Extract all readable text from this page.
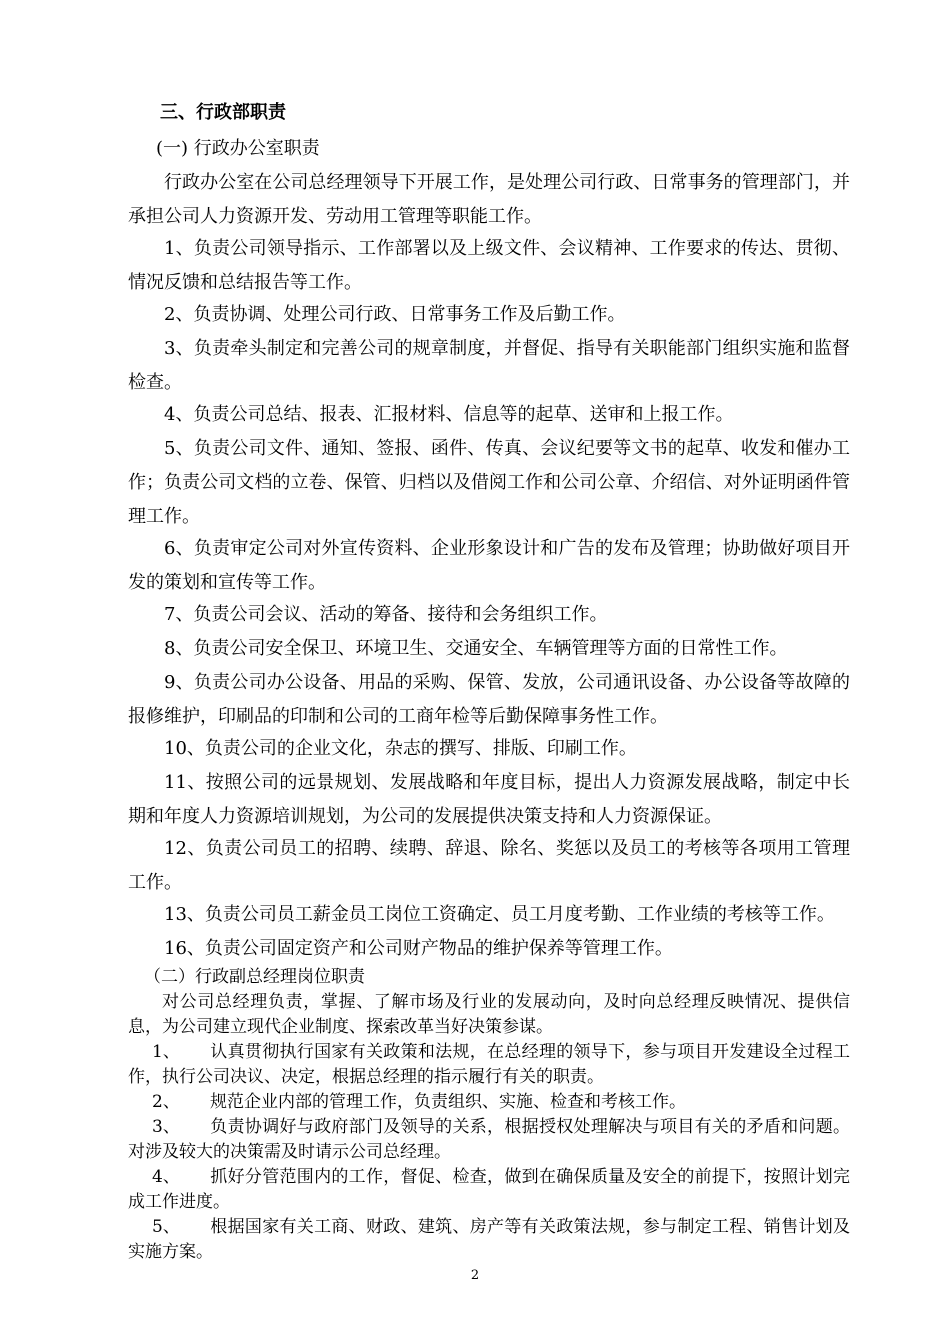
三、行政部职责

(一) 行政办公室职责

行政办公室在公司总经理领导下开展工作，是处理公司行政、日常事务的管理部门，并承担公司人力资源开发、劳动用工管理等职能工作。

1、负责公司领导指示、工作部署以及上级文件、会议精神、工作要求的传达、贯彻、情况反馈和总结报告等工作。

2、负责协调、处理公司行政、日常事务工作及后勤工作。

3、负责牵头制定和完善公司的规章制度，并督促、指导有关职能部门组织实施和监督检查。

4、负责公司总结、报表、汇报材料、信息等的起草、送审和上报工作。

5、负责公司文件、通知、签报、函件、传真、会议纪要等文书的起草、收发和催办工作；负责公司文档的立卷、保管、归档以及借阅工作和公司公章、介绍信、对外证明函件管理工作。

6、负责审定公司对外宣传资料、企业形象设计和广告的发布及管理；协助做好项目开发的策划和宣传等工作。

7、负责公司会议、活动的筹备、接待和会务组织工作。

8、负责公司安全保卫、环境卫生、交通安全、车辆管理等方面的日常性工作。

9、负责公司办公设备、用品的采购、保管、发放，公司通讯设备、办公设备等故障的报修维护，印刷品的印制和公司的工商年检等后勤保障事务性工作。

10、负责公司的企业文化，杂志的撰写、排版、印刷工作。

11、按照公司的远景规划、发展战略和年度目标，提出人力资源发展战略，制定中长期和年度人力资源培训规划，为公司的发展提供决策支持和人力资源保证。

12、负责公司员工的招聘、续聘、辞退、除名、奖惩以及员工的考核等各项用工管理工作。

13、负责公司员工薪金员工岗位工资确定、员工月度考勤、工作业绩的考核等工作。

16、负责公司固定资产和公司财产物品的维护保养等管理工作。

（二）行政副总经理岗位职责

对公司总经理负责，掌握、了解市场及行业的发展动向，及时向总经理反映情况、提供信息，为公司建立现代企业制度、探索改革当好决策参谋。

1、 认真贯彻执行国家有关政策和法规，在总经理的领导下，参与项目开发建设全过程工作，执行公司决议、决定，根据总经理的指示履行有关的职责。

2、 规范企业内部的管理工作，负责组织、实施、检查和考核工作。

3、 负责协调好与政府部门及领导的关系，根据授权处理解决与项目有关的矛盾和问题。对涉及较大的决策需及时请示公司总经理。

4、 抓好分管范围内的工作，督促、检查，做到在确保质量及安全的前提下，按照计划完成工作进度。

5、 根据国家有关工商、财政、建筑、房产等有关政策法规，参与制定工程、销售计划及实施方案。

2
